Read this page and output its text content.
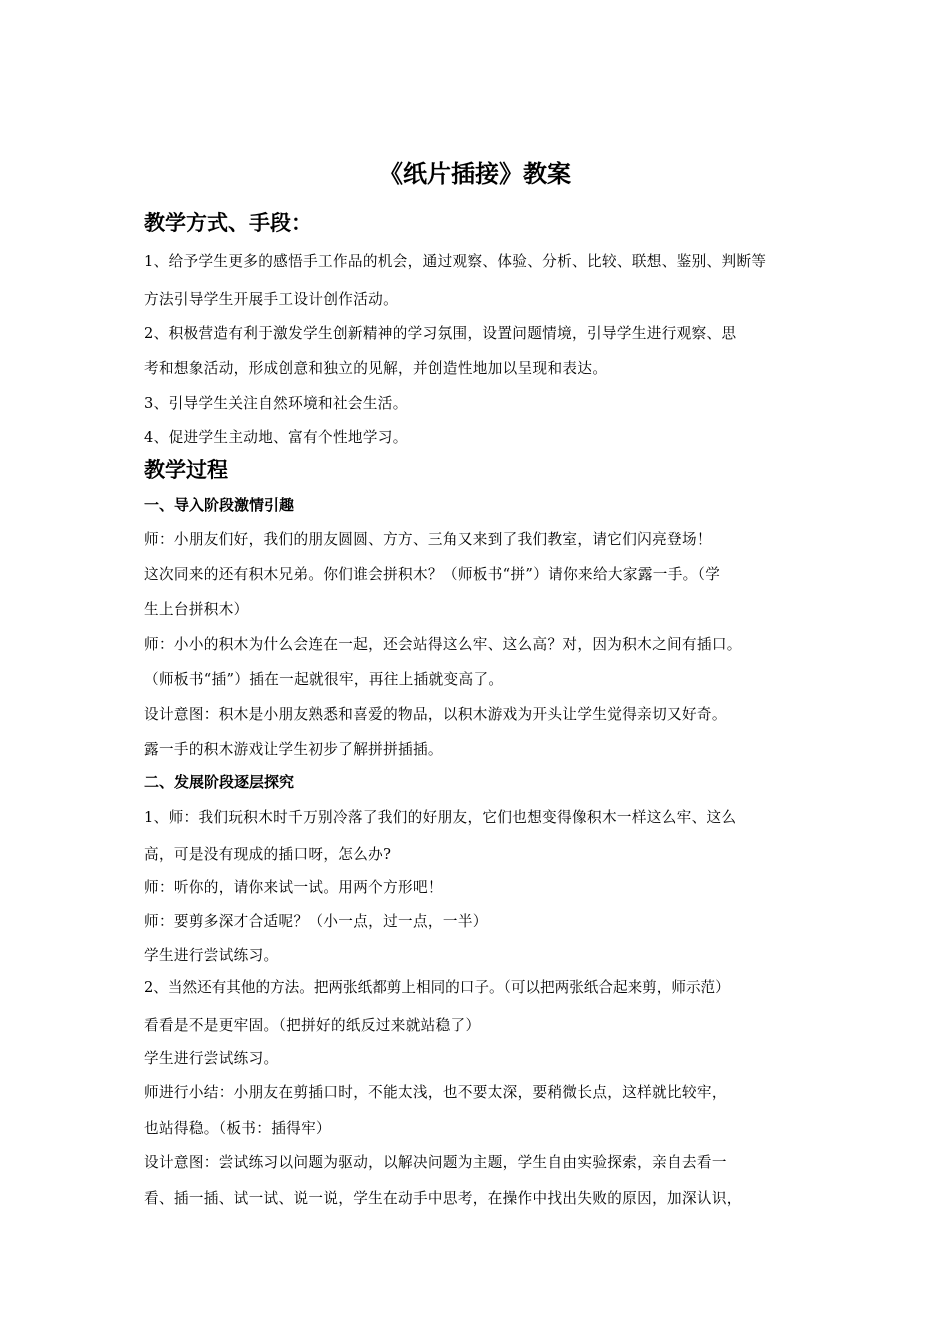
《纸片插接》教案
教学方式、手段：

1、给予学生更多的感悟手工作品的机会，通过观察、体验、分析、比较、联想、鉴别、判断等

方法引导学生开展手工设计创作活动。

2、积极营造有利于激发学生创新精神的学习氛围，设置问题情境，引导学生进行观察、思

考和想象活动，形成创意和独立的见解，并创造性地加以呈现和表达。

3、引导学生关注自然环境和社会生活。

4、促进学生主动地、富有个性地学习。

教学过程
一、导入阶段激情引趣

师：小朋友们好，我们的朋友圆圆、方方、三角又来到了我们教室，请它们闪亮登场！

这次同来的还有积木兄弟。你们谁会拼积木？（师板书“拼”）请你来给大家露一手。（学

生上台拼积木）

师：小小的积木为什么会连在一起，还会站得这么牢、这么高？对，因为积木之间有插口。

（师板书“插”）插在一起就很牢，再往上插就变高了。

设计意图：积木是小朋友熟悉和喜爱的物品，以积木游戏为开头让学生觉得亲切又好奇。

露一手的积木游戏让学生初步了解拼拼插插。

二、发展阶段逐层探究

1、师：我们玩积木时千万别冷落了我们的好朋友，它们也想变得像积木一样这么牢、这么

高，可是没有现成的插口呀，怎么办?

师：听你的，请你来试一试。用两个方形吧！

师：要剪多深才合适呢？（小一点，过一点，一半）

学生进行尝试练习。

2、当然还有其他的方法。把两张纸都剪上相同的口子。（可以把两张纸合起来剪，师示范）

看看是不是更牢固。（把拼好的纸反过来就站稳了）

学生进行尝试练习。

师进行小结：小朋友在剪插口时，不能太浅，也不要太深，要稍微长点，这样就比较牢，

也站得稳。（板书：插得牢）

设计意图：尝试练习以问题为驱动，以解决问题为主题，学生自由实验探索，亲自去看一

看、插一插、试一试、说一说，学生在动手中思考，在操作中找出失败的原因，加深认识，
